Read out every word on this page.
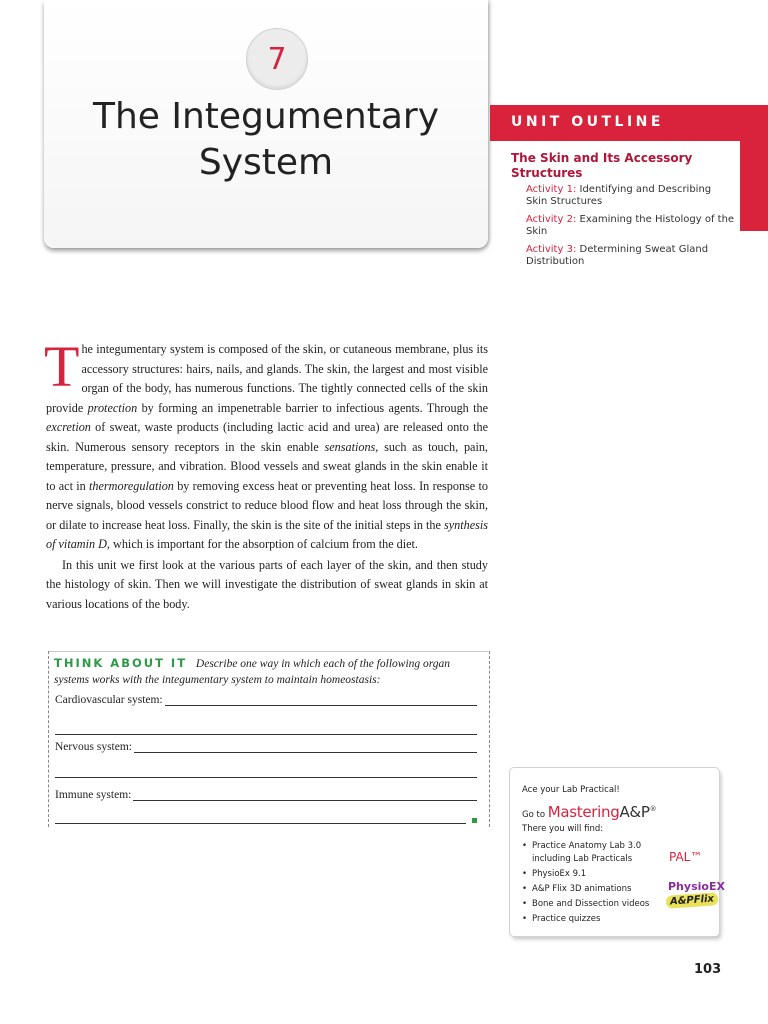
7
The Integumentary
System
UNIT OUTLINE
The Skin and Its Accessory Structures
Activity 1: Identifying and Describing Skin Structures
Activity 2: Examining the Histology of the Skin
Activity 3: Determining Sweat Gland Distribution

The integumentary system is composed of the skin, or cutaneous membrane, plus its accessory structures: hairs, nails, and glands. The skin, the largest and most visible organ of the body, has numerous functions. The tightly connected cells of the skin provide protection by forming an impenetrable barrier to infectious agents. Through the excretion of sweat, waste products (including lactic acid and urea) are released onto the skin. Numerous sensory receptors in the skin enable sensations, such as touch, pain, temperature, pressure, and vibration. Blood vessels and sweat glands in the skin enable it to act in thermoregulation by removing excess heat or preventing heat loss. In response to nerve signals, blood vessels constrict to reduce blood flow and heat loss through the skin, or dilate to increase heat loss. Finally, the skin is the site of the initial steps in the synthesis of vitamin D, which is important for the absorption of calcium from the diet.

In this unit we first look at the various parts of each layer of the skin, and then study the histology of skin. Then we will investigate the distribution of sweat glands in skin at various locations of the body.

THINK ABOUT IT Describe one way in which each of the following organ systems works with the integumentary system to maintain homeostasis:
Cardiovascular system:
Nervous system:
Immune system:	Ace your Lab Practical!
Go to MasteringA&P®
There you will find:
• Practice Anatomy Lab 3.0 including Lab Practicals
• PhysioEx 9.1
• A&P Flix 3D animations
• Bone and Dissection videos
• Practice quizzes
PAL™
PhysioEX
A&PFlix
103
